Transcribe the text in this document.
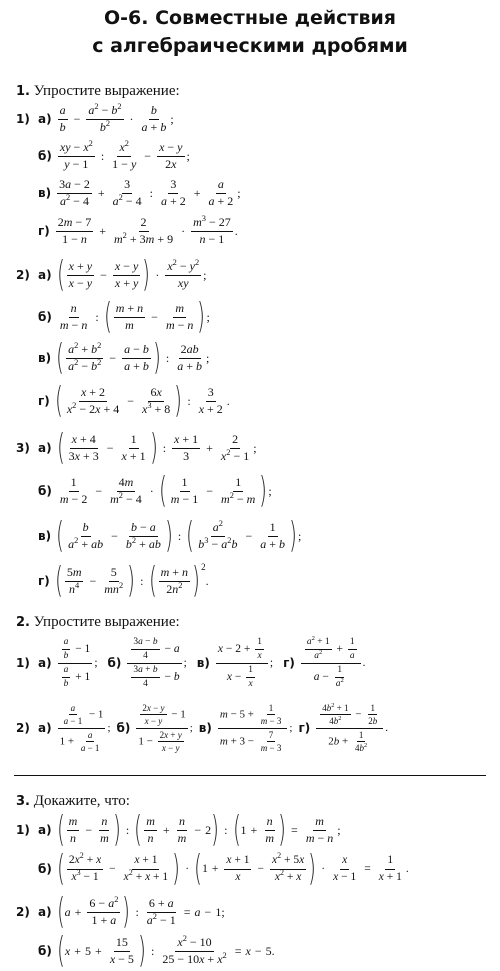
О-6. Совместные действия
с алгебраическими дробями
1. Упростите выражение:
1) $а) \frac{a}{b} - \frac{a^2 - b^2}{b^2} \cdot \frac{b}{a + b}$ ;
$б) \frac{xy - x^2}{y - 1}$ : $\frac{x^2}{1 - y} - \frac{x - y}{2x}$ ;
$в) \frac{3a - 2}{a^2 - 4} + \frac{3}{a^2 - 4}$ : $\frac{3}{a + 2} + \frac{a}{a + 2}$ ;
$г) \frac{2m - 7}{1 - n} + \frac{2}{m^2 + 3m + 9} \cdot \frac{m^3 - 27}{n - 1}$ .
2) а) ( $\frac{x + y}{x - y} - \frac{x - y}{x + y}$ ) · $\frac{x^2 - y^2}{xy}$ ;
$б) \frac{n}{m - n}$ : ( $\frac{m + n}{m} - \frac{m}{m - n}$ ) ;
в) ( $\frac{a^2 + b^2}{a^2 - b^2} - \frac{a - b}{a + b}$ ) : $\frac{2ab}{a + b}$ ;
г) ( $\frac{x + 2}{x^2 - 2x + 4} - \frac{6x}{x^3 + 8}$ ) : $\frac{3}{x + 2}$ .
3) а) ( $\frac{x + 4}{3x + 3} - \frac{1}{x + 1}$ ) : $\frac{x + 1}{3} + \frac{2}{x^2 - 1}$ ;
$б) \frac{1}{m - 2} - \frac{4m}{m^2 - 4}$ · ( $\frac{1}{m - 1} - \frac{1}{m^2 - m}$ ) ;
в) ( $\frac{b}{a^2 + ab} - \frac{b - a}{b^2 + ab}$ ) : ( $\frac{a^2}{b^3 - a^2b} - \frac{1}{a + b}$ ) ;
г) ( $\frac{5m}{n^4} - \frac{5}{mn^2}$ ) : ( $\frac{m + n}{2n^2} )^2$
.
2. Упростите выражение:
1) $а) \frac{\frac{a}{b} - 1}{\frac{a}{b} + 1}$ ; $б) \frac{\frac{3a - b}{4} - a}{\frac{3a + b}{4} - b}$ ; $в) \frac{x - 2 + \frac{1}{x}}{x - \frac{1}{x}}$ ; $г) \frac{\frac{a^2 + 1}{a^2} + \frac{1}{a}}{a - \frac{1}{a^2}}$ .
2) $а) \frac{\frac{a}{a - 1} - 1}{1 + \frac{a}{a - 1}}$ ; $б) \frac{\frac{2x - y}{x - y} - 1}{1 - \frac{2x + y}{x - y}}$ ; $в) \frac{m - 5 + \frac{1}{m - 3}}{m + 3 - \frac{7}{m - 3}}$ ; $г) \frac{\frac{4b^2 + 1}{4b^2} - \frac{1}{2b}}{2b + \frac{1}{4b^2}}$ .
3. Докажите, что:
1) а) ( $\frac{m}{n} - \frac{n}{m}$ ) : ( $\frac{m}{n} + \frac{n}{m} - 2$ ) : ( $1 + \frac{n}{m}$ ) = $\frac{m}{m - n}$ ;
б) ( $\frac{2x^2 + x}{x^3 - 1} - \frac{x + 1}{x^2 + x + 1}$ ) · ( $1 + \frac{x + 1}{x} - \frac{x^2 + 5x}{x^2 + x}$ ) · $\frac{x}{x - 1} = \frac{1}{x + 1}$ .
2) а) ( $a + \frac{6 - a^2}{1 + a}$ ) : $\frac{6 + a}{a^2 - 1} = a - 1$;
б) ( $x + 5 + \frac{15}{x - 5}$ ) : $\frac{x^2 - 10}{25 - 10x + x^2} = x - 5$.
